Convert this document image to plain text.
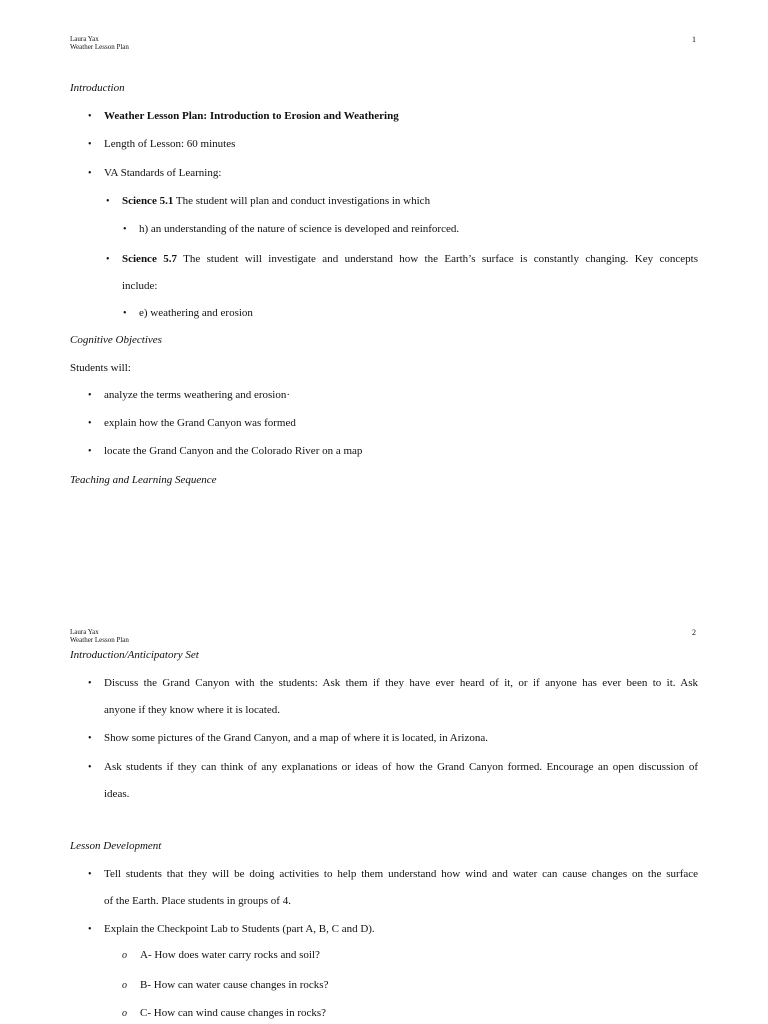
Laura Yax
Weather Lesson Plan
1
Introduction
• Weather Lesson Plan: Introduction to Erosion and Weathering
• Length of Lesson: 60 minutes
• VA Standards of Learning:
• Science 5.1 The student will plan and conduct investigations in which
• h) an understanding of the nature of science is developed and reinforced.
• Science 5.7 The student will investigate and understand how the Earth’s surface is constantly changing. Key concepts
include:
• e) weathering and erosion
Cognitive Objectives
Students will:
• analyze the terms weathering and erosion·
• explain how the Grand Canyon was formed
• locate the Grand Canyon and the Colorado River on a map
Teaching and Learning Sequence
Laura Yax
Weather Lesson Plan
2
Introduction/Anticipatory Set
• Discuss the Grand Canyon with the students: Ask them if they have ever heard of it, or if anyone has ever been to it. Ask
anyone if they know where it is located.
• Show some pictures of the Grand Canyon, and a map of where it is located, in Arizona.
• Ask students if they can think of any explanations or ideas of how the Grand Canyon formed. Encourage an open discussion of
ideas.
Lesson Development
• Tell students that they will be doing activities to help them understand how wind and water can cause changes on the surface
of the Earth. Place students in groups of 4.
• Explain the Checkpoint Lab to Students (part A, B, C and D).
o A- How does water carry rocks and soil?
o B- How can water cause changes in rocks?
o C- How can wind cause changes in rocks?
